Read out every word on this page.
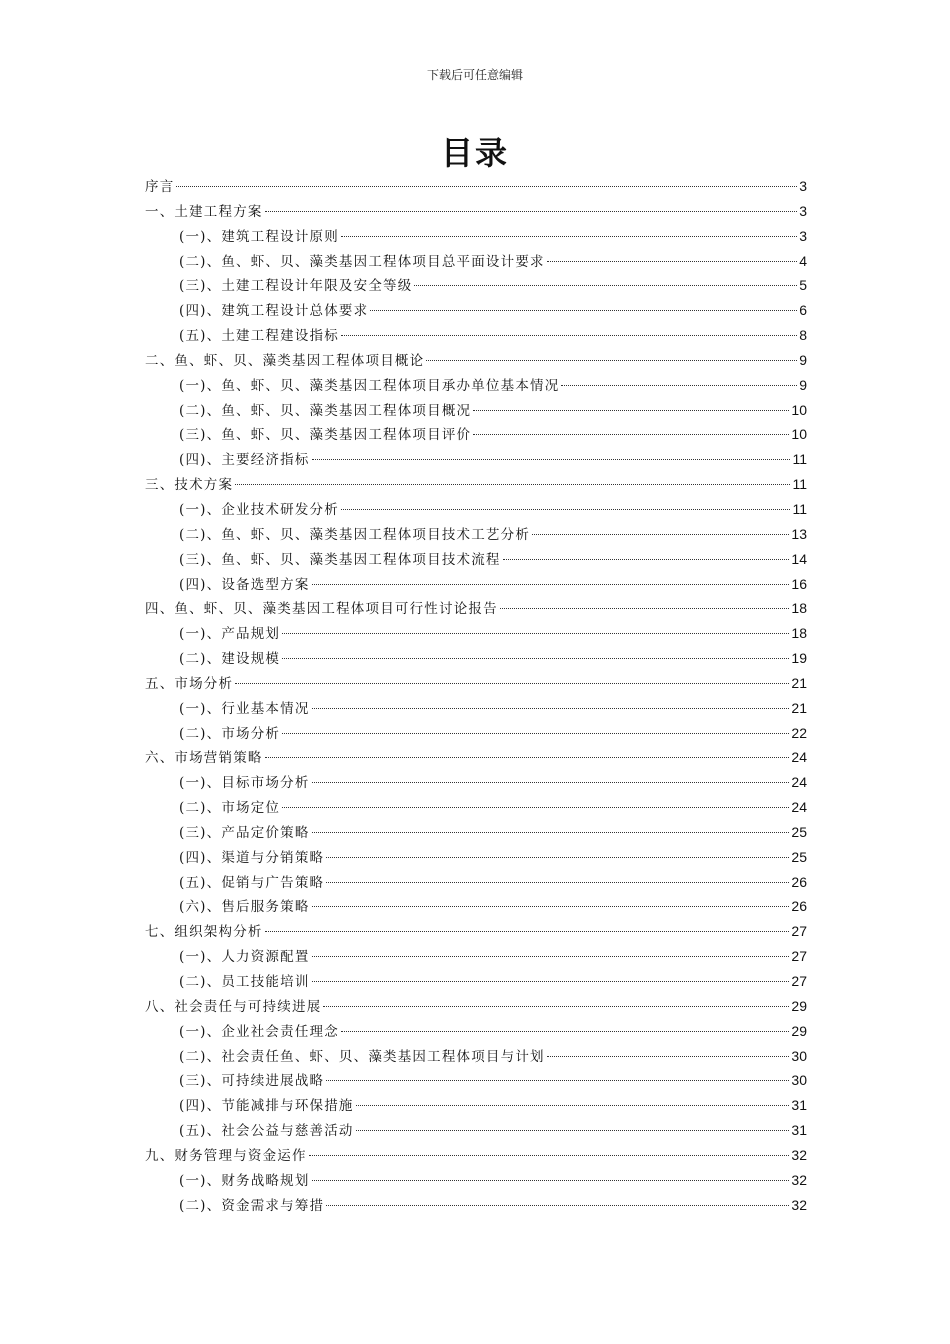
下载后可任意编辑
目录
序言	3
一、土建工程方案	3
(一)、建筑工程设计原则	3
(二)、鱼、虾、贝、藻类基因工程体项目总平面设计要求	4
(三)、土建工程设计年限及安全等级	5
(四)、建筑工程设计总体要求	6
(五)、土建工程建设指标	8
二、鱼、虾、贝、藻类基因工程体项目概论	9
(一)、鱼、虾、贝、藻类基因工程体项目承办单位基本情况	9
(二)、鱼、虾、贝、藻类基因工程体项目概况	10
(三)、鱼、虾、贝、藻类基因工程体项目评价	10
(四)、主要经济指标	11
三、技术方案	11
(一)、企业技术研发分析	11
(二)、鱼、虾、贝、藻类基因工程体项目技术工艺分析	13
(三)、鱼、虾、贝、藻类基因工程体项目技术流程	14
(四)、设备选型方案	16
四、鱼、虾、贝、藻类基因工程体项目可行性讨论报告	18
(一)、产品规划	18
(二)、建设规模	19
五、市场分析	21
(一)、行业基本情况	21
(二)、市场分析	22
六、市场营销策略	24
(一)、目标市场分析	24
(二)、市场定位	24
(三)、产品定价策略	25
(四)、渠道与分销策略	25
(五)、促销与广告策略	26
(六)、售后服务策略	26
七、组织架构分析	27
(一)、人力资源配置	27
(二)、员工技能培训	27
八、社会责任与可持续进展	29
(一)、企业社会责任理念	29
(二)、社会责任鱼、虾、贝、藻类基因工程体项目与计划	30
(三)、可持续进展战略	30
(四)、节能减排与环保措施	31
(五)、社会公益与慈善活动	31
九、财务管理与资金运作	32
(一)、财务战略规划	32
(二)、资金需求与筹措	32
